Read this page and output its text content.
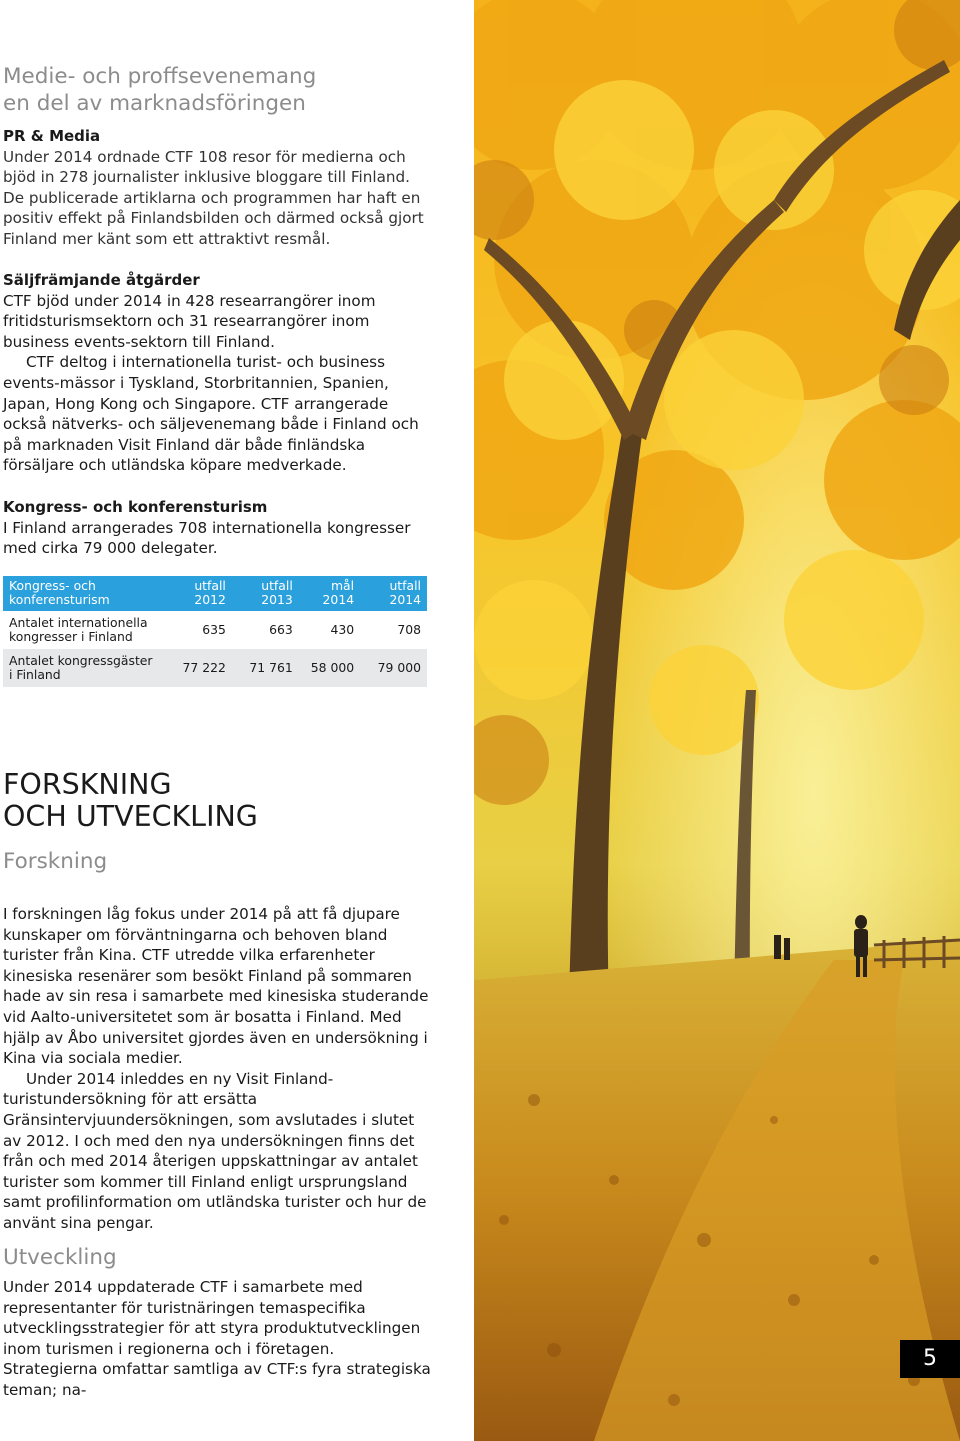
Medie- och proffsevenemang
en del av marknadsföringen

PR & Media

Under 2014 ordnade CTF 108 resor för medierna och bjöd in 278 journalister inklusive bloggare till Finland. De publicerade artiklarna och programmen har haft en positiv effekt på Finlandsbilden och därmed också gjort Finland mer känt som ett attraktivt resmål.

Säljfrämjande åtgärder

CTF bjöd under 2014 in 428 researrangörer inom fritidsturismsektorn och 31 researrangörer inom business events-sektorn till Finland.

CTF deltog i internationella turist- och business events-mässor i Tyskland, Storbritannien, Spanien, Japan, Hong Kong och Singapore. CTF arrangerade också nätverks- och säljevenemang både i Finland och på marknaden Visit Finland där både finländska försäljare och utländska köpare medverkade.

Kongress- och konferensturism

I Finland arrangerades 708 internationella kongresser med cirka 79 000 delegater.

Kongress- och konferensturism	utfall 2012	utfall 2013	mål 2014	utfall 2014
Antalet internationella kongresser i Finland	635	663	430	708
Antalet kongressgäster i Finland	77 222	71 761	58 000	79 000
FORSKNING
OCH UTVECKLING

Forskning

I forskningen låg fokus under 2014 på att få djupare kunskaper om förväntningarna och behoven bland turister från Kina. CTF utredde vilka erfarenheter kinesiska resenärer som besökt Finland på sommaren hade av sin resa i samarbete med kinesiska studerande vid Aalto-universitetet som är bosatta i Finland. Med hjälp av Åbo universitet gjordes även en undersökning i Kina via sociala medier.

Under 2014 inleddes en ny Visit Finland- turistundersökning för att ersätta Gränsintervjuundersökningen, som avslutades i slutet av 2012. I och med den nya undersökningen finns det från och med 2014 återigen uppskattningar av antalet turister som kommer till Finland enligt ursprungsland samt profilinformation om utländska turister och hur de använt sina pengar.

Utveckling

Under 2014 uppdaterade CTF i samarbete med representanter för turistnäringen temaspecifika utvecklingsstrategier för att styra produktutvecklingen inom turismen i regionerna och i företagen. Strategierna omfattar samtliga av CTF:s fyra strategiska teman; na-

5
